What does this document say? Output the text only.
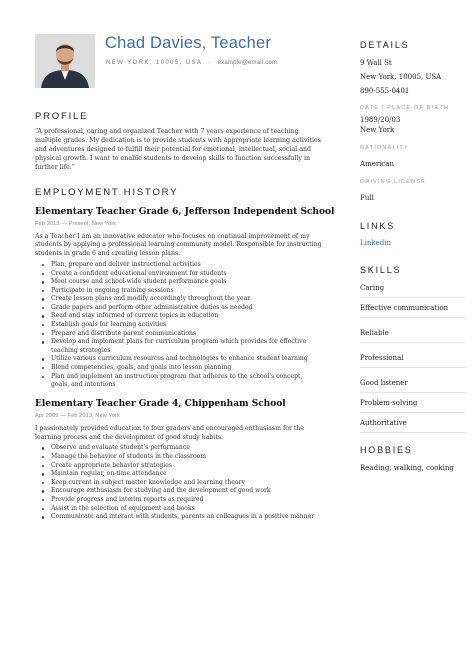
Chad Davies, Teacher
NEW YORK, 10005, USA  ·  example@email.com
PROFILE

“A professional, caring and organized Teacher with 7 years experience of teaching multiple grades. My dedication is to provide students with appropriate learning activities and adventures designed to fulfill their potential for emotional, intellectual, social and physical growth. I want to enable students to develop skills to function successfully in further life.”

EMPLOYMENT HISTORY
Elementary Teacher Grade 6, Jefferson Independent School
Feb 2013 — Present, New York

As a Teacher I am an innovative educator who focuses on continual improvement of my students by applying a professional learning community model. Responsible for instructing students in grade 6 and creating lesson plans.

Plan, prepare and deliver instructional activities
Create a confident educational environment for students
Meet course and school-wide student performance goals
Participate in ongoing training sessions
Create lesson plans and modify accordingly throughout the year
Grade papers and perform other administrative duties as needed
Read and stay informed of current topics in education
Establish goals for learning activities
Prepare and distribute parent communications
Develop and implement plans for curriculum program which provides for effective teaching strategies
Utilize various curriculum resources and technologies to enhance student learning
Blend competencies, goals, and goals into lesson planning
Plan and implement an instruction program that adheres to the school's concept, goals, and intentions
Elementary Teacher Grade 4, Chippenham School
Apr 2009 — Feb 2013, New York

I passionately provided education to four graders and encouraged enthusiasm for the learning process and the development of good study habits.

Observe and evaluate student's performance
Manage the behavior of students in the classroom
Create appropriate behavior strategies
Maintain regular, on-time attendance
Keep current in subject matter knowledge and learning theory
Encourage enthusiasm for studying and the development of good work
Provide progress and interim reports as required
Assist in the selection of equipment and books
Communicate and interact with students, parents an colleagues in a positive manner
DETAILS

9 Wall St

New York, 10005, USA

890-555-0401

DATE / PLACE OF BIRTH

1989/20/03

New York

NATIONALITY

American

DRIVING LICENSE

Full

LINKS

Linkedin

SKILLS

Caring

Effective communication

Reliable

Professional

Good listener

Problem-solving

Authoritative

HOBBIES

Reading, walking, cooking
